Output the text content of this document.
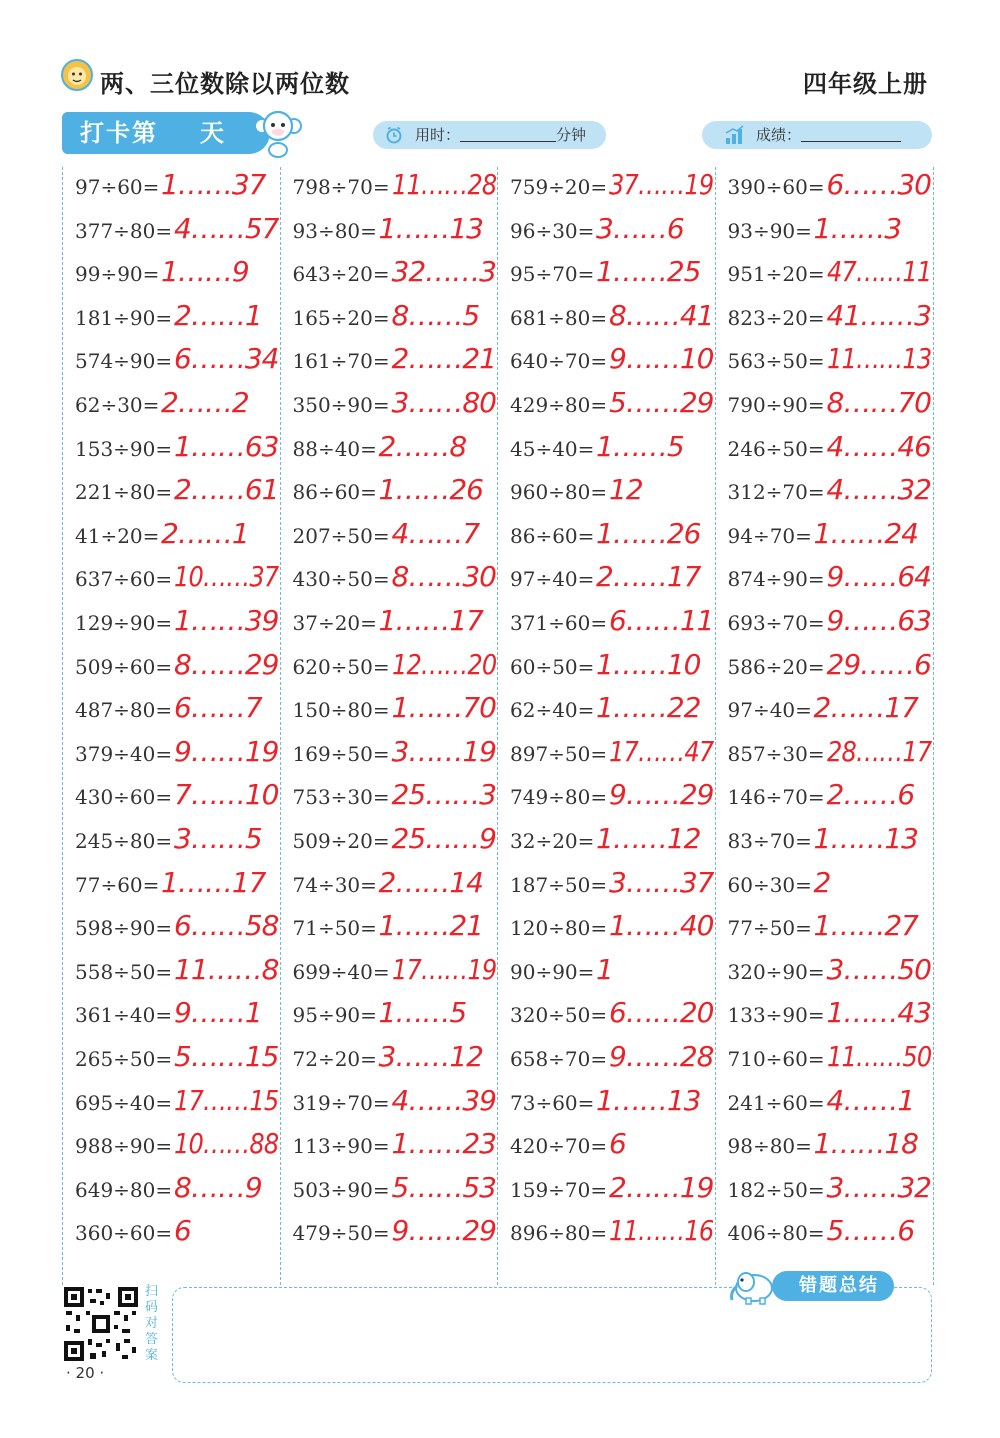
两、三位数除以两位数	四年级上册
打卡第 天	用时：	分钟	成绩：
97÷60= 1……37
377÷80= 4……57
99÷90= 1……9
181÷90= 2……1
574÷90= 6……34
62÷30= 2……2
153÷90= 1……63
221÷80= 2……61
41÷20= 2……1
637÷60= 10……37
129÷90= 1……39
509÷60= 8……29
487÷80= 6……7
379÷40= 9……19
430÷60= 7……10
245÷80= 3……5
77÷60= 1……17
598÷90= 6……58
558÷50= 11……8
361÷40= 9……1
265÷50= 5……15
695÷40= 17……15
988÷90= 10……88
649÷80= 8……9
360÷60= 6
798÷70= 11……28
93÷80= 1……13
643÷20= 32……3
165÷20= 8……5
161÷70= 2……21
350÷90= 3……80
88÷40= 2……8
86÷60= 1……26
207÷50= 4……7
430÷50= 8……30
37÷20= 1……17
620÷50= 12……20
150÷80= 1……70
169÷50= 3……19
753÷30= 25……3
509÷20= 25……9
74÷30= 2……14
71÷50= 1……21
699÷40= 17……19
95÷90= 1……5
72÷20= 3……12
319÷70= 4……39
113÷90= 1……23
503÷90= 5……53
479÷50= 9……29
759÷20= 37……19
96÷30= 3……6
95÷70= 1……25
681÷80= 8……41
640÷70= 9……10
429÷80= 5……29
45÷40= 1……5
960÷80= 12
86÷60= 1……26
97÷40= 2……17
371÷60= 6……11
60÷50= 1……10
62÷40= 1……22
897÷50= 17……47
749÷80= 9……29
32÷20= 1……12
187÷50= 3……37
120÷80= 1……40
90÷90= 1
320÷50= 6……20
658÷70= 9……28
73÷60= 1……13
420÷70= 6
159÷70= 2……19
896÷80= 11……16
390÷60= 6……30
93÷90= 1……3
951÷20= 47……11
823÷20= 41……3
563÷50= 11……13
790÷90= 8……70
246÷50= 4……46
312÷70= 4……32
94÷70= 1……24
874÷90= 9……64
693÷70= 9……63
586÷20= 29……6
97÷40= 2……17
857÷30= 28……17
146÷70= 2……6
83÷70= 1……13
60÷30= 2
77÷50= 1……27
320÷90= 3……50
133÷90= 1……43
710÷60= 11……50
241÷60= 4……1
98÷80= 1……18
182÷50= 3……32
406÷80= 5……6
扫码对答案
· 20 ·
错题总结
